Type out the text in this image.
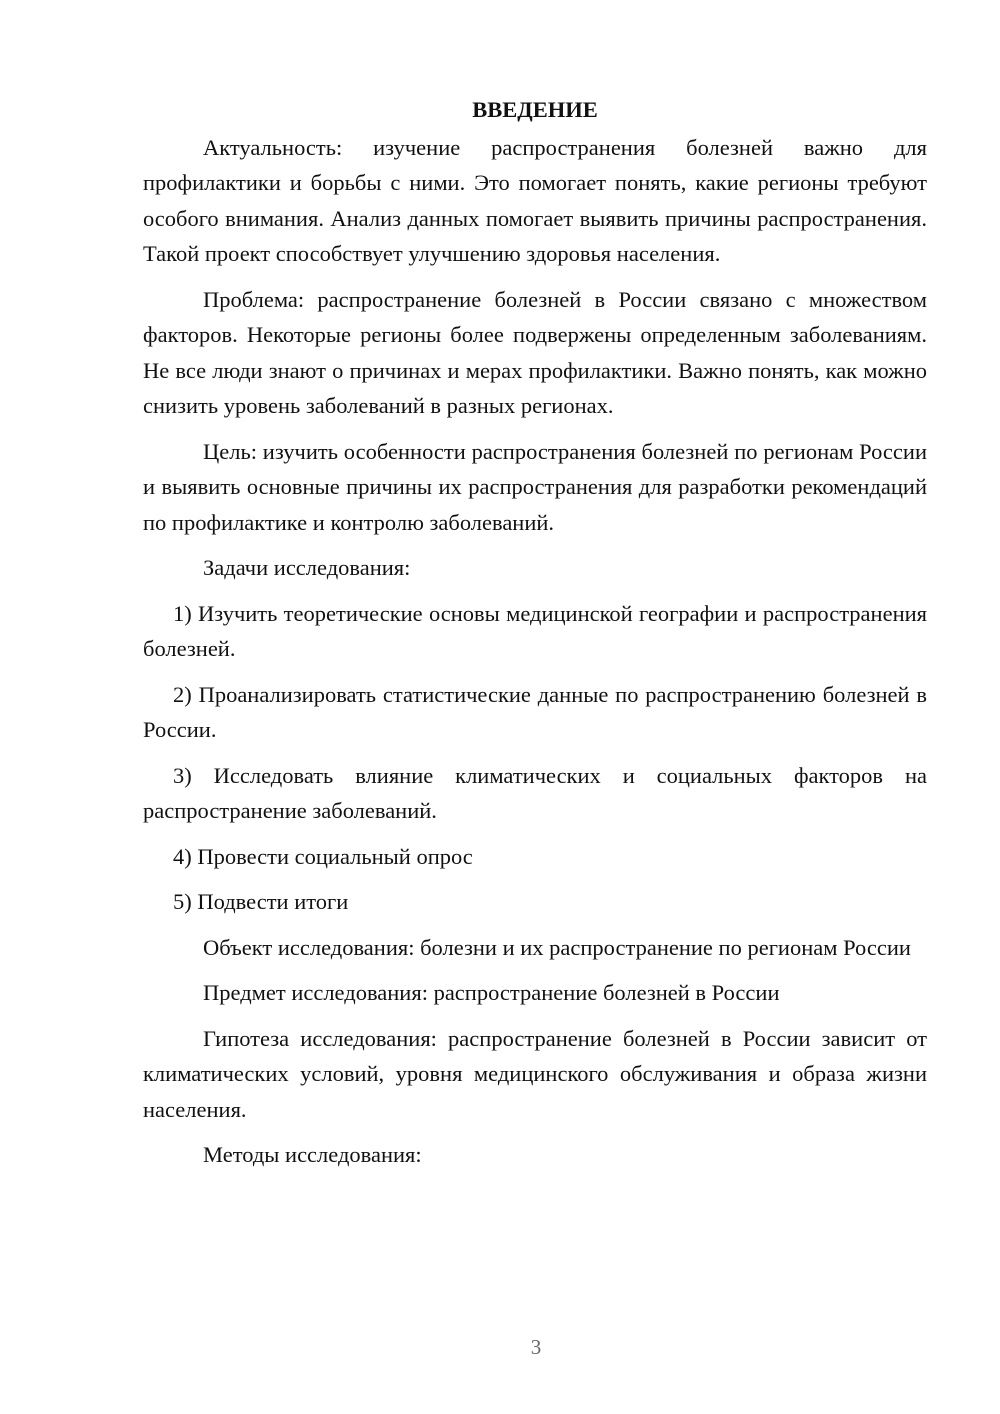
ВВЕДЕНИЕ

Актуальность: изучение распространения болезней важно для профилактики и борьбы с ними. Это помогает понять, какие регионы требуют особого внимания. Анализ данных помогает выявить причины распространения. Такой проект способствует улучшению здоровья населения.

Проблема: распространение болезней в России связано с множеством факторов. Некоторые регионы более подвержены определенным заболеваниям. Не все люди знают о причинах и мерах профилактики. Важно понять, как можно снизить уровень заболеваний в разных регионах.

Цель: изучить особенности распространения болезней по регионам России и выявить основные причины их распространения для разработки рекомендаций по профилактике и контролю заболеваний.

Задачи исследования:

1) Изучить теоретические основы медицинской географии и распространения болезней.

2) Проанализировать статистические данные по распространению болезней в России.

3) Исследовать влияние климатических и социальных факторов на распространение заболеваний.

4) Провести социальный опрос

5) Подвести итоги

Объект исследования: болезни и их распространение по регионам России

Предмет исследования: распространение болезней в России

Гипотеза исследования: распространение болезней в России зависит от климатических условий, уровня медицинского обслуживания и образа жизни населения.

Методы исследования:

3
